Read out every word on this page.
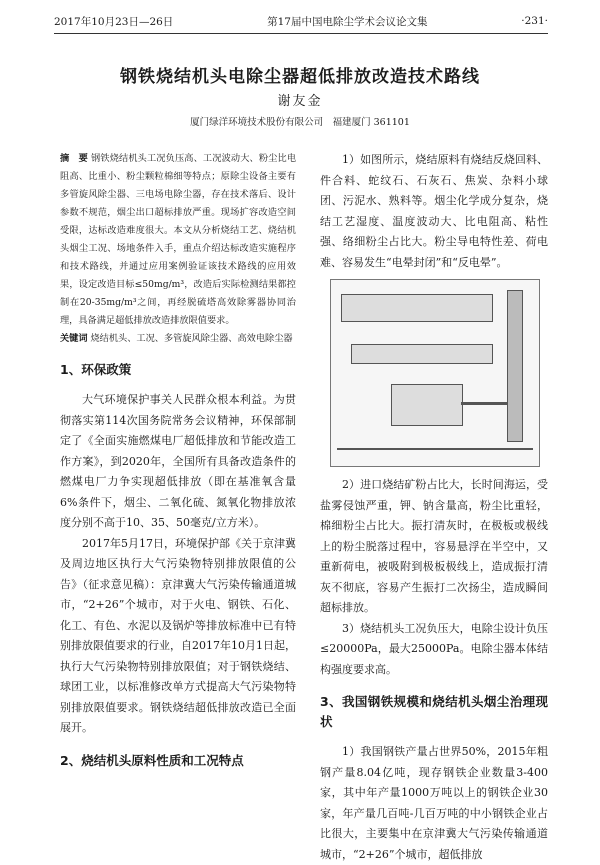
2017年10月23日—26日	第17届中国电除尘学术会议论文集	·231·
钢铁烧结机头电除尘器超低排放改造技术路线
谢友金
厦门绿洋环境技术股份有限公司　福建厦门 361101

摘　要 钢铁烧结机头工况负压高、工况波动大、粉尘比电阻高、比重小、粉尘颗粒棉细等特点；原除尘设备主要有多管旋风除尘器、三电场电除尘器，存在技术落后、设计参数不规范，烟尘出口超标排放严重。现场扩容改造空间受限，达标改造难度很大。本文从分析烧结工艺、烧结机头烟尘工况、场地条件入手，重点介绍达标改造实施程序和技术路线，并通过应用案例验证该技术路线的应用效果，设定改造目标≤50mg/m³，改造后实际检测结果都控制在20-35mg/m³之间，再经脱硫塔高效除雾器协同治理，具备满足超低排放改造排放限值要求。

关键词 烧结机头、工况、多管旋风除尘器、高效电除尘器

1、环保政策

大气环境保护事关人民群众根本利益。为贯彻落实第114次国务院常务会议精神，环保部制定了《全面实施燃煤电厂超低排放和节能改造工作方案》，到2020年，全国所有具备改造条件的燃煤电厂力争实现超低排放（即在基准氧含量6%条件下，烟尘、二氧化硫、氮氧化物排放浓度分别不高于10、35、50毫克/立方米）。

2017年5月17日，环境保护部《关于京津冀及周边地区执行大气污染物特别排放限值的公告》（征求意见稿）：京津冀大气污染传输通道城市，“2+26”个城市，对于火电、钢铁、石化、化工、有色、水泥以及锅炉等排放标准中已有特别排放限值要求的行业，自2017年10月1日起，执行大气污染物特别排放限值；对于钢铁烧结、球团工业，以标准修改单方式提高大气污染物特别排放限值要求。钢铁烧结超低排放改造已全面展开。

2、烧结机头原料性质和工况特点

1）如图所示，烧结原料有烧结反烧回料、件合料、蛇纹石、石灰石、焦炭、杂料小球团、污泥水、熟料等。烟尘化学成分复杂，烧结工艺湿度、温度波动大、比电阻高、粘性强、络细粉尘占比大。粉尘导电特性差、荷电难、容易发生“电晕封闭”和“反电晕”。

2）进口烧结矿粉占比大，长时间海运，受盐雾侵蚀严重，钾、钠含量高，粉尘比重轻，棉细粉尘占比大。振打清灰时，在极板或极线上的粉尘脱落过程中，容易悬浮在半空中，又重新荷电，被吸附到极板极线上，造成振打清灰不彻底，容易产生振打二次扬尘，造成瞬间超标排放。

3）烧结机头工况负压大，电除尘设计负压≤20000Pa，最大25000Pa。电除尘器本体结构强度要求高。

3、我国钢铁规模和烧结机头烟尘治理现状

1）我国钢铁产量占世界50%，2015年粗钢产量8.04亿吨，现存钢铁企业数量3-400家，其中年产量1000万吨以上的钢铁企业30家，年产量几百吨-几百万吨的中小钢铁企业占比很大，主要集中在京津冀大气污染传输通道城市，“2+26”个城市，超低排放
